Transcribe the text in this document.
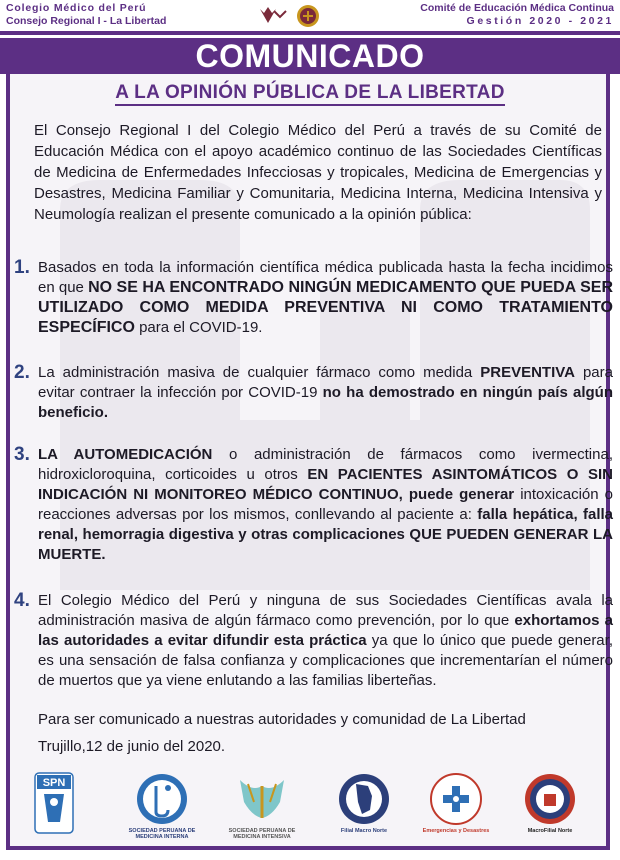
Colegio Médico del Perú
Consejo Regional I - La Libertad
Comité de Educación Médica Continua
Gestión 2020 - 2021
COMUNICADO
A LA OPINIÓN PÚBLICA DE LA LIBERTAD
El Consejo Regional I del Colegio Médico del Perú a través de su Comité de Educación Médica con el apoyo académico continuo de las Sociedades Científicas de Medicina de Enfermedades Infecciosas y tropicales, Medicina de Emergencias y Desastres, Medicina Familiar y Comunitaria, Medicina Interna, Medicina Intensiva y Neumología realizan el presente comunicado a la opinión pública:
1. Basados en toda la información científica médica publicada hasta la fecha incidimos en que NO SE HA ENCONTRADO NINGÚN MEDICAMENTO QUE PUEDA SER UTILIZADO COMO MEDIDA PREVENTIVA NI COMO TRATAMIENTO ESPECÍFICO para el COVID-19.
2. La administración masiva de cualquier fármaco como medida PREVENTIVA para evitar contraer la infección por COVID-19 no ha demostrado en ningún país algún beneficio.
3. LA AUTOMEDICACIÓN o administración de fármacos como ivermectina, hidroxicloroquina, corticoides u otros EN PACIENTES ASINTOMÁTICOS O SIN INDICACIÓN NI MONITOREO MÉDICO CONTINUO, puede generar intoxicación o reacciones adversas por los mismos, conllevando al paciente a: falla hepática, falla renal, hemorragia digestiva y otras complicaciones QUE PUEDEN GENERAR LA MUERTE.
4. El Colegio Médico del Perú y ninguna de sus Sociedades Científicas avala la administración masiva de algún fármaco como prevención, por lo que exhortamos a las autoridades a evitar difundir esta práctica ya que lo único que puede generar, es una sensación de falsa confianza y complicaciones que incrementarían el número de muertos que ya viene enlutando a las familias liberteñas.
Para ser comunicado a nuestras autoridades y comunidad de La Libertad
Trujillo,12 de junio del 2020.
SPN
SOCIEDAD PERUANA DE MEDICINA INTERNA
SOCIEDAD PERUANA DE MEDICINA INTENSIVA
Filial Macro Norte	Emergencias y Desastres	MacroFilial Norte
